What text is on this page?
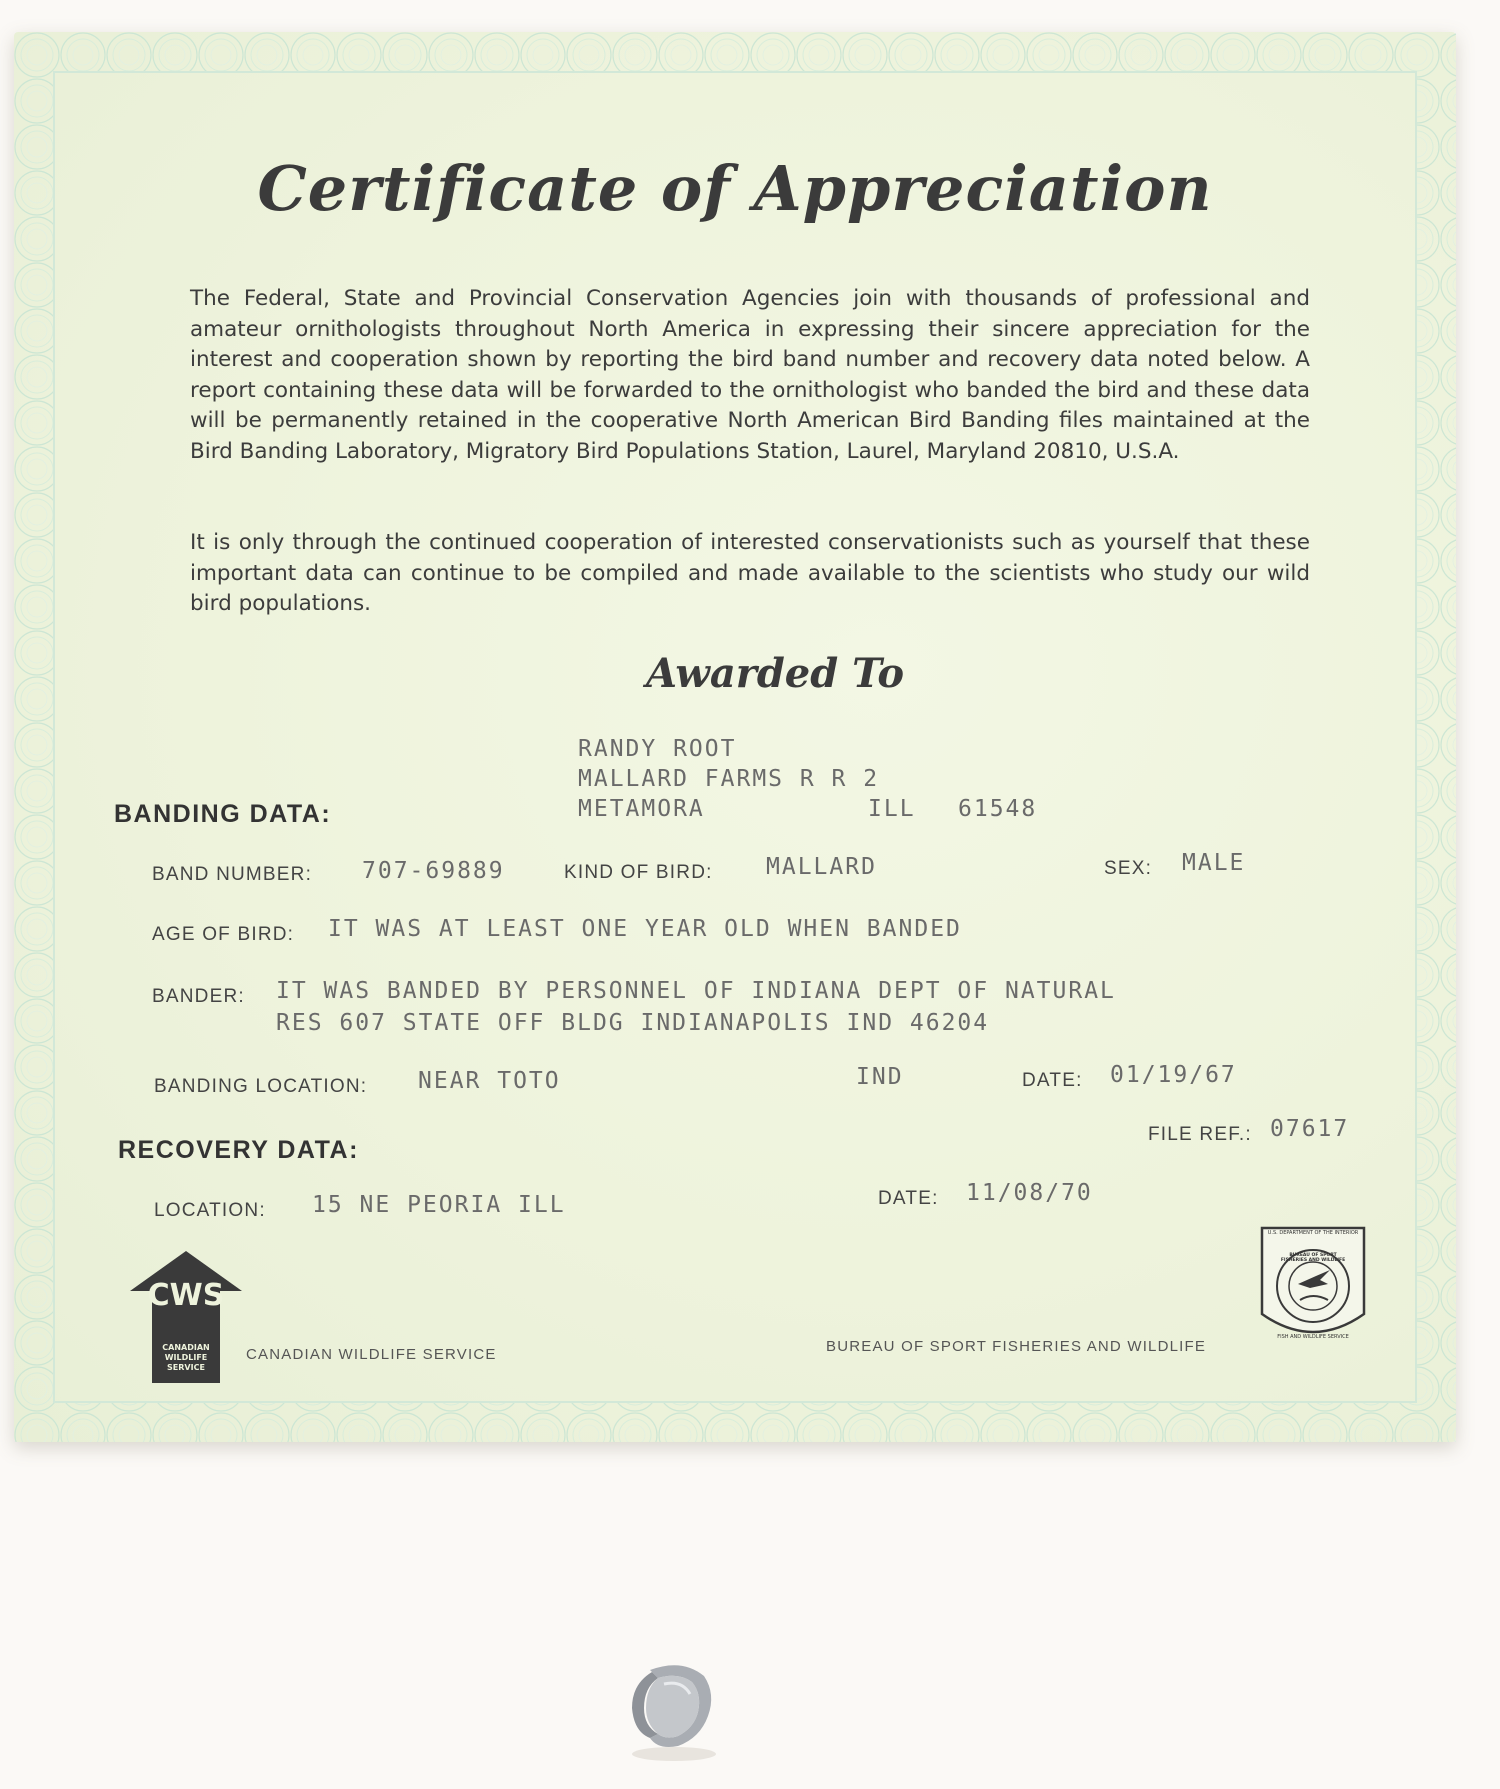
Certificate of Appreciation
The Federal, State and Provincial Conservation Agencies join with thousands of professional and amateur ornithologists throughout North America in expressing their sincere appreciation for the interest and cooperation shown by reporting the bird band number and recovery data noted below. A report containing these data will be forwarded to the ornithologist who banded the bird and these data will be permanently retained in the cooperative North American Bird Banding files maintained at the Bird Banding Laboratory, Migratory Bird Populations Station, Laurel, Maryland 20810, U.S.A.
It is only through the continued cooperation of interested conservationists such as yourself that these important data can continue to be compiled and made available to the scientists who study our wild bird populations.
Awarded To
RANDY ROOT
MALLARD FARMS R R 2
METAMORA	ILL 61548
BANDING DATA:
BAND NUMBER: 707-69889	KIND OF BIRD: MALLARD	SEX: MALE
AGE OF BIRD: IT WAS AT LEAST ONE YEAR OLD WHEN BANDED
BANDER: IT WAS BANDED BY PERSONNEL OF INDIANA DEPT OF NATURAL
RES 607 STATE OFF BLDG INDIANAPOLIS IND 46204
BANDING LOCATION: NEAR TOTO	IND	DATE: 01/19/67
RECOVERY DATA:
FILE REF.: 07617
LOCATION: 15 NE PEORIA ILL	DATE: 11/08/70
CWS
CANADIAN WILDLIFE SERVICE
CANADIAN WILDLIFE SERVICE	BUREAU OF SPORT FISHERIES AND WILDLIFE
U.S. DEPARTMENT OF THE INTERIOR
BUREAU OF SPORT FISHERIES AND WILDLIFE
FISH AND WILDLIFE SERVICE
